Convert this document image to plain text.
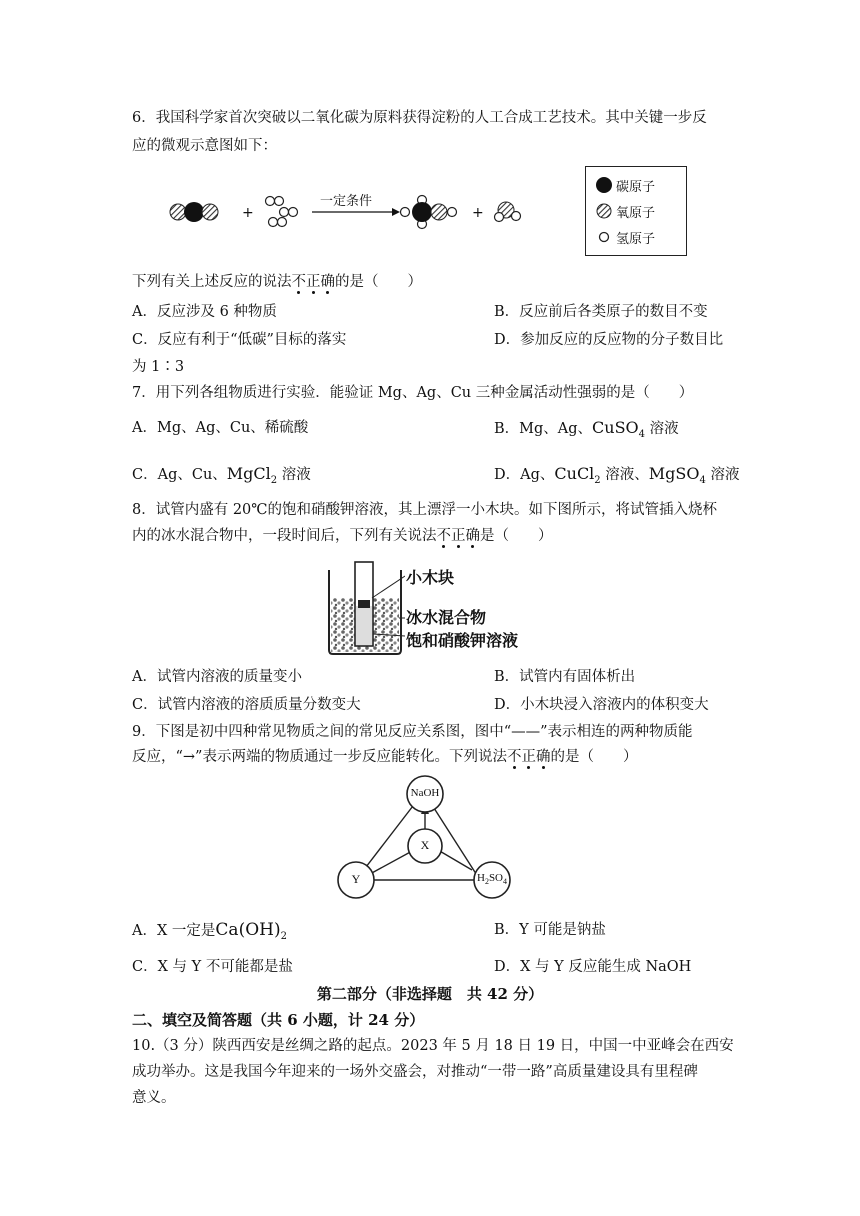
6．我国科学家首次突破以二氧化碳为原料获得淀粉的人工合成工艺技术。其中关键一步反
应的微观示意图如下：
+
一定条件
+
碳原子
氧原子
氢原子
下列有关上述反应的说法不正确的是（　　）
A．反应涉及 6 种物质	B．反应前后各类原子的数目不变
C．反应有利于“低碳”目标的落实	D．参加反应的反应物的分子数目比
为 1∶3
7．用下列各组物质进行实验．能验证 Mg、Ag、Cu 三种金属活动性强弱的是（　　）
A．Mg、Ag、Cu、稀硫酸	B．Mg、Ag、CuSO$_4$ 溶液
C．Ag、Cu、MgCl$_2$ 溶液	D．Ag、CuCl$_2$ 溶液、MgSO$_4$ 溶液
8．试管内盛有 20℃的饱和硝酸钾溶液，其上漂浮一小木块。如下图所示，将试管插入烧杯
内的冰水混合物中，一段时间后，下列有关说法不正确是（　　）
小木块
冰水混合物
饱和硝酸钾溶液
A．试管内溶液的质量变小	B．试管内有固体析出
C．试管内溶液的溶质质量分数变大	D．小木块浸入溶液内的体积变大
9．下图是初中四种常见物质之间的常见反应关系图，图中“——”表示相连的两种物质能
反应，“→”表示两端的物质通过一步反应能转化。下列说法不正确的是（　　）
NaOH
X
Y	$H_2SO_4$
A．X 一定是$Ca(OH)_2$	B．Y 可能是钠盐
C．X 与 Y 不可能都是盐	D．X 与 Y 反应能生成 NaOH
第二部分（非选择题　共 42 分）
二、填空及简答题（共 6 小题，计 24 分）
10.（3 分）陕西西安是丝绸之路的起点。2023 年 5 月 18 日 19 日，中国一中亚峰会在西安
成功举办。这是我国今年迎来的一场外交盛会，对推动“一带一路”高质量建设具有里程碑
意义。
